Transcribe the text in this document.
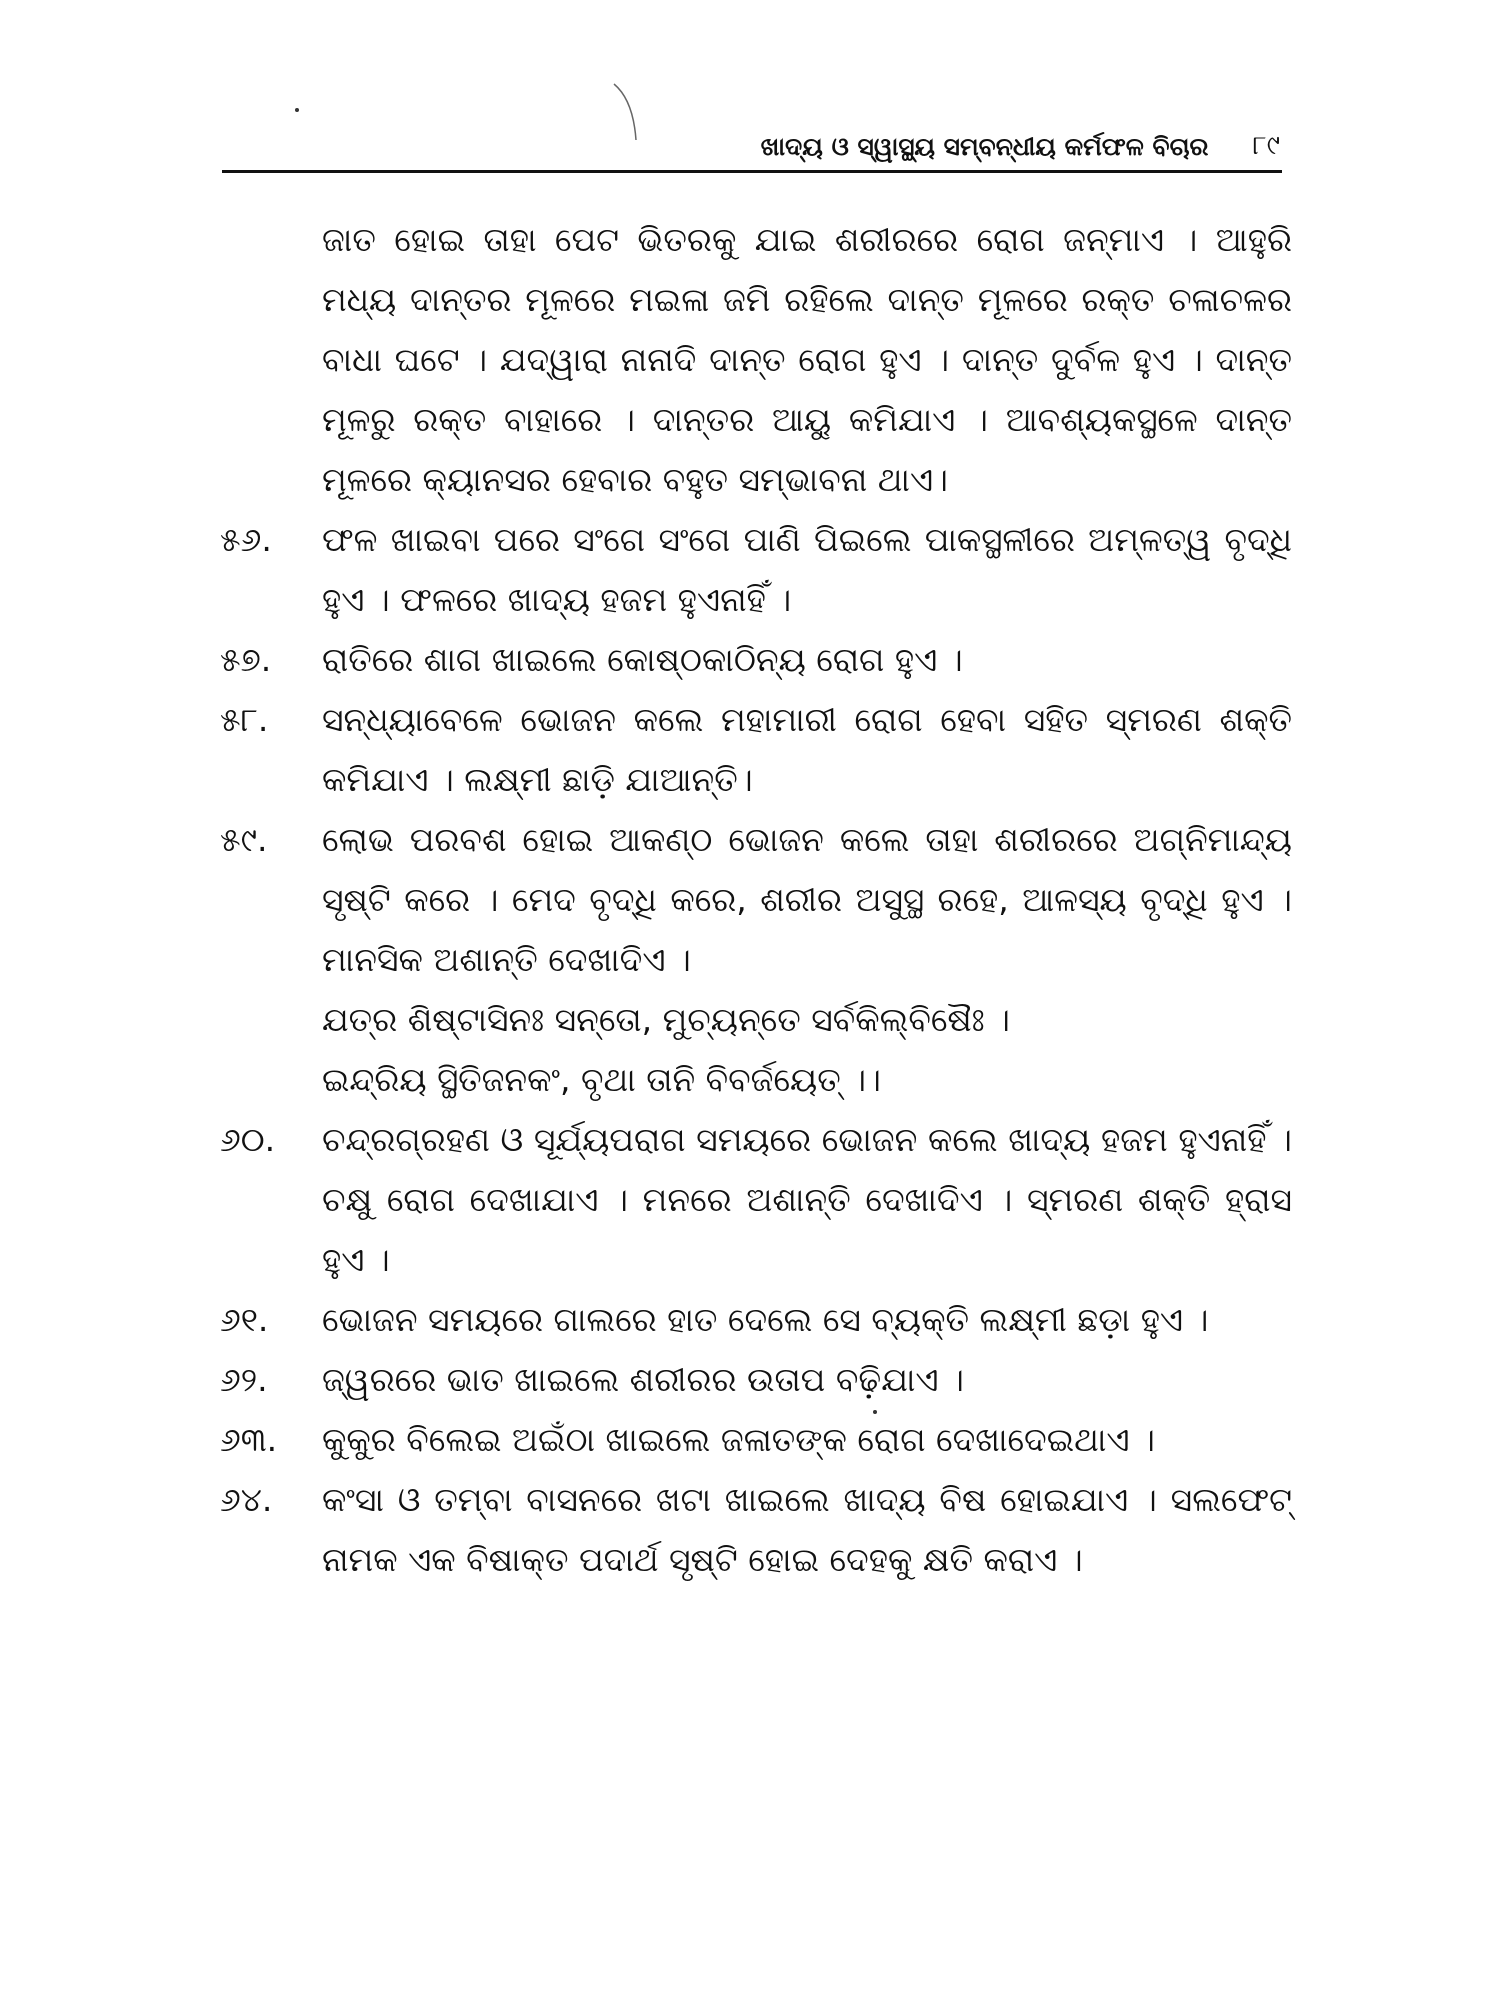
ଖାଦ୍ୟ ଓ ସ୍ୱାସ୍ଥ୍ୟ ସମ୍ବନ୍ଧୀୟ କର୍ମଫଳ ବିଚାର ୮୯

ଜାତ ହୋଇ ତାହା ପେଟ ଭିତରକୁ ଯାଇ ଶରୀରରେ ରୋଗ ଜନ୍ମାଏ । ଆହୁରି ମଧ୍ୟ ଦାନ୍ତର ମୂଳରେ ମଇଳା ଜମି ରହିଲେ ଦାନ୍ତ ମୂଳରେ ରକ୍ତ ଚଳାଚଳର ବାଧା ଘଟେ । ଯଦ୍ୱାରା ନାନାଦି ଦାନ୍ତ ରୋଗ ହୁଏ । ଦାନ୍ତ ଦୁର୍ବଳ ହୁଏ । ଦାନ୍ତ ମୂଳରୁ ରକ୍ତ ବାହାରେ । ଦାନ୍ତର ଆୟୁ କମିଯାଏ । ଆବଶ୍ୟକସ୍ଥଳେ ଦାନ୍ତ ମୂଳରେ କ୍ୟାନସର ହେବାର ବହୁତ ସମ୍ଭାବନା ଥାଏ।

୫୬.	ଫଳ ଖାଇବା ପରେ ସଂଗେ ସଂଗେ ପାଣି ପିଇଲେ ପାକସ୍ଥଳୀରେ ଅମ୍ଳତ୍ୱ ବୃଦ୍ଧି ହୁଏ । ଫଳରେ ଖାଦ୍ୟ ହଜମ ହୁଏନାହିଁ ।
୫୭.	ରାତିରେ ଶାଗ ଖାଇଲେ କୋଷ୍ଠକାଠିନ୍ୟ ରୋଗ ହୁଏ ।
୫୮.	ସନ୍ଧ୍ୟାବେଳେ ଭୋଜନ କଲେ ମହାମାରୀ ରୋଗ ହେବା ସହିତ ସ୍ମରଣ ଶକ୍ତି କମିଯାଏ । ଲକ୍ଷ୍ମୀ ଛାଡ଼ି ଯାଆନ୍ତି।
୫୯.	ଲୋଭ ପରବଶ ହୋଇ ଆକଣ୍ଠ ଭୋଜନ କଲେ ତାହା ଶରୀରରେ ଅଗ୍ନିମାନ୍ଦ୍ୟ ସୃଷ୍ଟି କରେ । ମେଦ ବୃଦ୍ଧି କରେ, ଶରୀର ଅସୁସ୍ଥ ରହେ, ଆଳସ୍ୟ ବୃଦ୍ଧି ହୁଏ । ମାନସିକ ଅଶାନ୍ତି ଦେଖାଦିଏ ।
ଯତ୍ର ଶିଷ୍ଟାସିନଃ ସନ୍ତୋ, ମୁଚ୍ୟନ୍ତେ ସର୍ବକିଲ୍‌ବିଷୈଃ ।
ଇନ୍ଦ୍ରିୟ ସ୍ଥିତିଜନକଂ, ବୃଥା ତାନି ବିବର୍ଜୟେତ୍ ।।
୬୦.	ଚନ୍ଦ୍ରଗ୍ରହଣ ଓ ସୂର୍ଯ୍ୟପରାଗ ସମୟରେ ଭୋଜନ କଲେ ଖାଦ୍ୟ ହଜମ ହୁଏନାହିଁ । ଚକ୍ଷୁ ରୋଗ ଦେଖାଯାଏ । ମନରେ ଅଶାନ୍ତି ଦେଖାଦିଏ । ସ୍ମରଣ ଶକ୍ତି ହ୍ରାସ ହୁଏ ।
୬୧.	ଭୋଜନ ସମୟରେ ଗାଲରେ ହାତ ଦେଲେ ସେ ବ୍ୟକ୍ତି ଲକ୍ଷ୍ମୀ ଛଡ଼ା ହୁଏ ।
୬୨.	ଜ୍ୱରରେ ଭାତ ଖାଇଲେ ଶରୀରର ଉତାପ ବଢ଼ିଯାଏ ।
୬୩.	କୁକୁର ବିଲେଇ ଅଇଁଠା ଖାଇଲେ ଜଳାତଙ୍କ ରୋଗ ଦେଖାଦେଇଥାଏ ।
୬୪.	କଂସା ଓ ତମ୍ବା ବାସନରେ ଖଟା ଖାଇଲେ ଖାଦ୍ୟ ବିଷ ହୋଇଯାଏ । ସଲଫେଟ୍ ନାମକ ଏକ ବିଷାକ୍ତ ପଦାର୍ଥ ସୃଷ୍ଟି ହୋଇ ଦେହକୁ କ୍ଷତି କରାଏ ।
